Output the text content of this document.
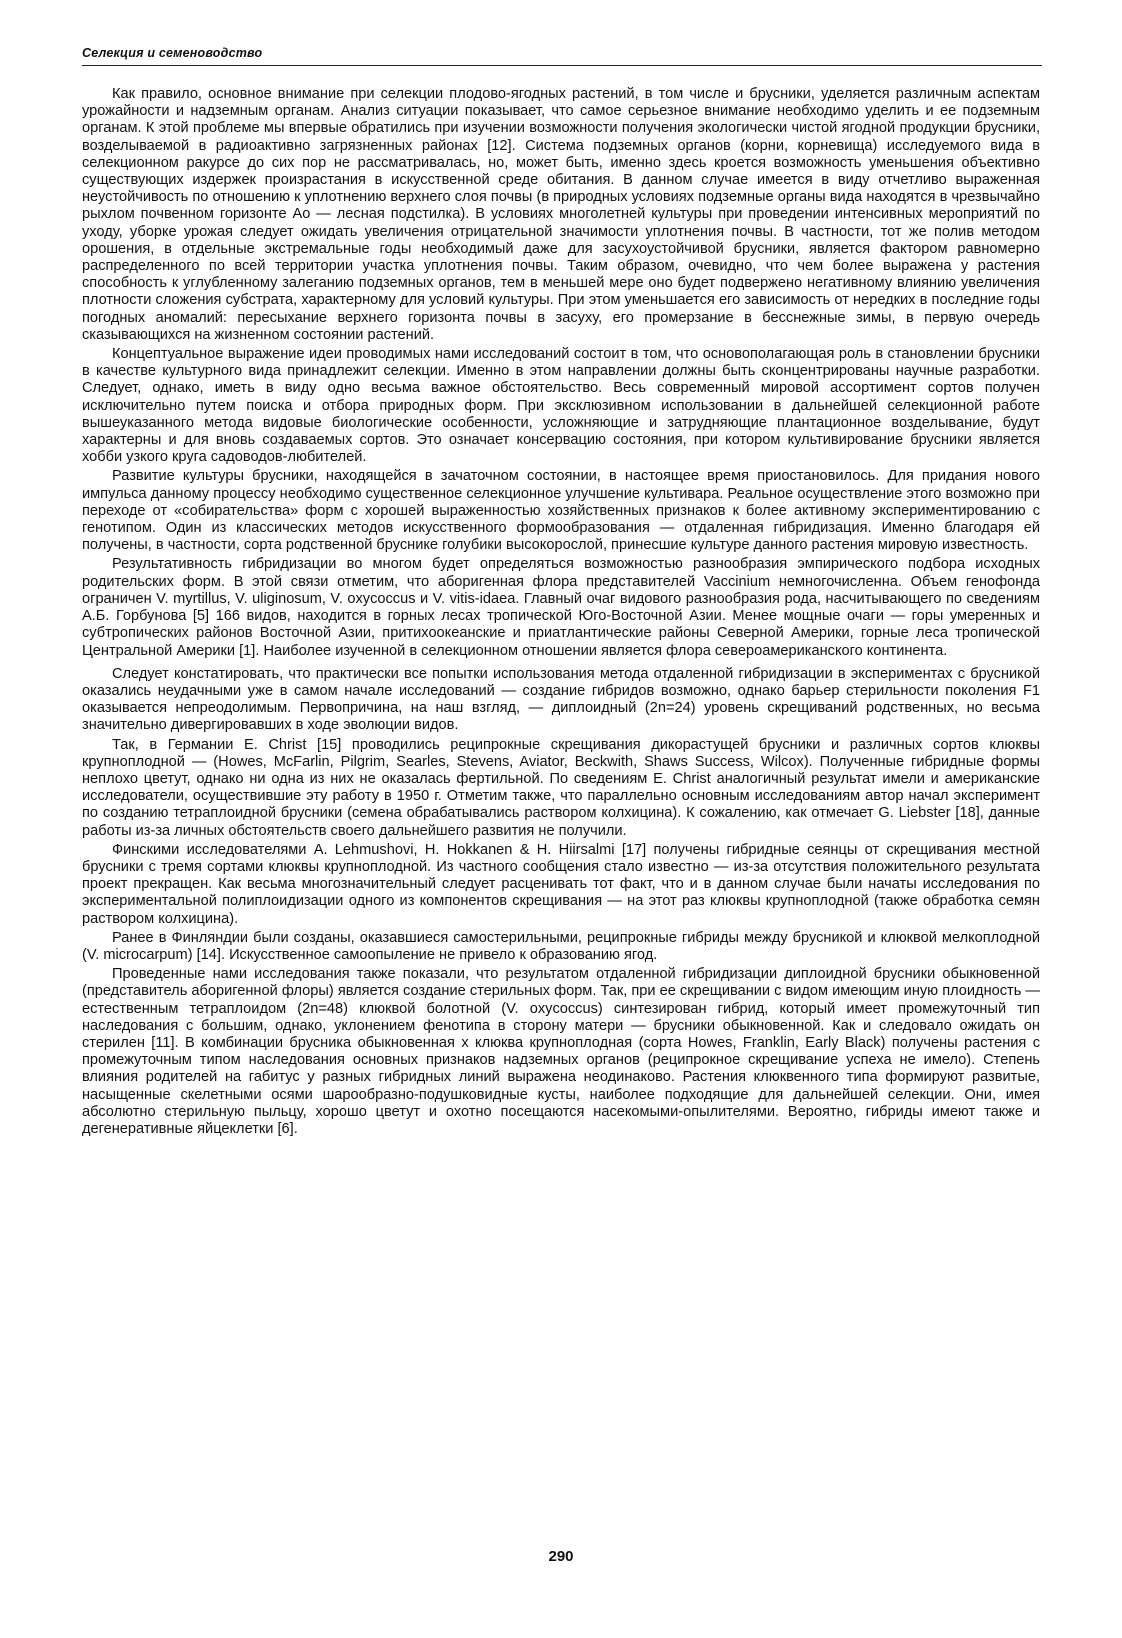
Селекция и семеноводство

Как правило, основное внимание при селекции плодово-ягодных растений, в том числе и брусники, уделяется различным аспектам урожайности и надземным органам. Анализ ситуации показывает, что самое серьезное внимание необходимо уделить и ее подземным органам. К этой проблеме мы впервые обратились при изучении возможности получения экологически чистой ягодной продукции брусники, возделываемой в радиоактивно загрязненных районах [12]. Система подземных органов (корни, корневища) исследуемого вида в селекционном ракурсе до сих пор не рассматривалась, но, может быть, именно здесь кроется возможность уменьшения объективно существующих издержек произрастания в искусственной среде обитания. В данном случае имеется в виду отчетливо выраженная неустойчивость по отношению к уплотнению верхнего слоя почвы (в природных условиях подземные органы вида находятся в чрезвычайно рыхлом почвенном горизонте Ao — лесная подстилка). В условиях многолетней культуры при проведении интенсивных мероприятий по уходу, уборке урожая следует ожидать увеличения отрицательной значимости уплотнения почвы. В частности, тот же полив методом орошения, в отдельные экстремальные годы необходимый даже для засухоустойчивой брусники, является фактором равномерно распределенного по всей территории участка уплотнения почвы. Таким образом, очевидно, что чем более выражена у растения способность к углубленному залеганию подземных органов, тем в меньшей мере оно будет подвержено негативному влиянию увеличения плотности сложения субстрата, характерному для условий культуры. При этом уменьшается его зависимость от нередких в последние годы погодных аномалий: пересыхание верхнего горизонта почвы в засуху, его промерзание в бесснежные зимы, в первую очередь сказывающихся на жизненном состоянии растений.

Концептуальное выражение идеи проводимых нами исследований состоит в том, что основополагающая роль в становлении брусники в качестве культурного вида принадлежит селекции. Именно в этом направлении должны быть сконцентрированы научные разработки. Следует, однако, иметь в виду одно весьма важное обстоятельство. Весь современный мировой ассортимент сортов получен исключительно путем поиска и отбора природных форм. При эксклюзивном использовании в дальнейшей селекционной работе вышеуказанного метода видовые биологические особенности, усложняющие и затрудняющие плантационное возделывание, будут характерны и для вновь создаваемых сортов. Это означает консервацию состояния, при котором культивирование брусники является хобби узкого круга садоводов-любителей.

Развитие культуры брусники, находящейся в зачаточном состоянии, в настоящее время приостановилось. Для придания нового импульса данному процессу необходимо существенное селекционное улучшение культивара. Реальное осуществление этого возможно при переходе от «собирательства» форм с хорошей выраженностью хозяйственных признаков к более активному экспериментированию с генотипом. Один из классических методов искусственного формообразования — отдаленная гибридизация. Именно благодаря ей получены, в частности, сорта родственной бруснике голубики высокорослой, принесшие культуре данного растения мировую известность.

Результативность гибридизации во многом будет определяться возможностью разнообразия эмпирического подбора исходных родительских форм. В этой связи отметим, что аборигенная флора представителей Vaccinium немногочисленна. Объем генофонда ограничен V. myrtillus, V. uliginosum, V. oxycoccus и V. vitis-idaea. Главный очаг видового разнообразия рода, насчитывающего по сведениям А.Б. Горбунова [5] 166 видов, находится в горных лесах тропической Юго-Восточной Азии. Менее мощные очаги — горы умеренных и субтропических районов Восточной Азии, притихоокеанские и приатлантические районы Северной Америки, горные леса тропической Центральной Америки [1]. Наиболее изученной в селекционном отношении является флора североамериканского континента.

Следует констатировать, что практически все попытки использования метода отдаленной гибридизации в экспериментах с брусникой оказались неудачными уже в самом начале исследований — создание гибридов возможно, однако барьер стерильности поколения F1 оказывается непреодолимым. Первопричина, на наш взгляд, — диплоидный (2n=24) уровень скрещиваний родственных, но весьма значительно дивергировавших в ходе эволюции видов.

Так, в Германии E. Christ [15] проводились реципрокные скрещивания дикорастущей брусники и различных сортов клюквы крупноплодной — (Howes, McFarlin, Pilgrim, Searles, Stevens, Aviator, Beckwith, Shaws Success, Wilcox). Полученные гибридные формы неплохо цветут, однако ни одна из них не оказалась фертильной. По сведениям E. Christ аналогичный результат имели и американские исследователи, осуществившие эту работу в 1950 г. Отметим также, что параллельно основным исследованиям автор начал эксперимент по созданию тетраплоидной брусники (семена обрабатывались раствором колхицина). К сожалению, как отмечает G. Liebster [18], данные работы из-за личных обстоятельств своего дальнейшего развития не получили.

Финскими исследователями A. Lehmushovi, H. Hokkanen & H. Hiirsalmi [17] получены гибридные сеянцы от скрещивания местной брусники с тремя сортами клюквы крупноплодной. Из частного сообщения стало известно — из-за отсутствия положительного результата проект прекращен. Как весьма многозначительный следует расценивать тот факт, что и в данном случае были начаты исследования по экспериментальной полиплоидизации одного из компонентов скрещивания — на этот раз клюквы крупноплодной (также обработка семян раствором колхицина).

Ранее в Финляндии были созданы, оказавшиеся самостерильными, реципрокные гибриды между брусникой и клюквой мелкоплодной (V. microcarpum) [14]. Искусственное самоопыление не привело к образованию ягод.

Проведенные нами исследования также показали, что результатом отдаленной гибридизации диплоидной брусники обыкновенной (представитель аборигенной флоры) является создание стерильных форм. Так, при ее скрещивании с видом имеющим иную плоидность — естественным тетраплоидом (2n=48) клюквой болотной (V. oxycoccus) синтезирован гибрид, который имеет промежуточный тип наследования с большим, однако, уклонением фенотипа в сторону матери — брусники обыкновенной. Как и следовало ожидать он стерилен [11]. В комбинации брусника обыкновенная x клюква крупноплодная (сорта Howes, Franklin, Early Black) получены растения с промежуточным типом наследования основных признаков надземных органов (реципрокное скрещивание успеха не имело). Степень влияния родителей на габитус у разных гибридных линий выражена неодинаково. Растения клюквенного типа формируют развитые, насыщенные скелетными осями шарообразно-подушковидные кусты, наиболее подходящие для дальнейшей селекции. Они, имея абсолютно стерильную пыльцу, хорошо цветут и охотно посещаются насекомыми-опылителями. Вероятно, гибриды имеют также и дегенеративные яйцеклетки [6].

290
